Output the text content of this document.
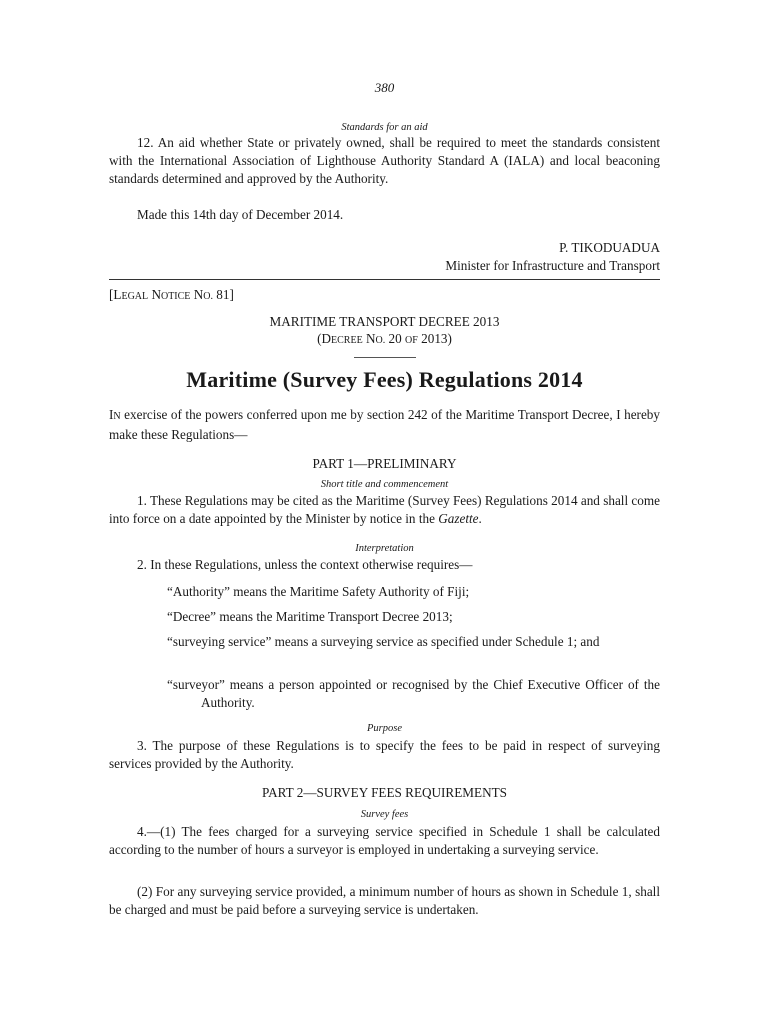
380
Standards for an aid
12. An aid whether State or privately owned, shall be required to meet the standards consistent with the International Association of Lighthouse Authority Standard A (IALA) and local beaconing standards determined and approved by the Authority.
Made this 14th day of December 2014.
P. TIKODUADUA
Minister for Infrastructure and Transport
[LEGAL NOTICE NO. 81]
MARITIME TRANSPORT DECREE 2013
(DECREE NO. 20 OF 2013)
Maritime (Survey Fees) Regulations 2014
IN exercise of the powers conferred upon me by section 242 of the Maritime Transport Decree, I hereby make these Regulations—
PART 1—PRELIMINARY
Short title and commencement
1. These Regulations may be cited as the Maritime (Survey Fees) Regulations 2014 and shall come into force on a date appointed by the Minister by notice in the Gazette.
Interpretation
2. In these Regulations, unless the context otherwise requires—
“Authority” means the Maritime Safety Authority of Fiji;
“Decree” means the Maritime Transport Decree 2013;
“surveying service” means a surveying service as specified under Schedule 1; and
“surveyor” means a person appointed or recognised by the Chief Executive Officer of the Authority.
Purpose
3. The purpose of these Regulations is to specify the fees to be paid in respect of surveying services provided by the Authority.
PART 2—SURVEY FEES REQUIREMENTS
Survey fees
4.—(1) The fees charged for a surveying service specified in Schedule 1 shall be calculated according to the number of hours a surveyor is employed in undertaking a surveying service.
(2) For any surveying service provided, a minimum number of hours as shown in Schedule 1, shall be charged and must be paid before a surveying service is undertaken.
